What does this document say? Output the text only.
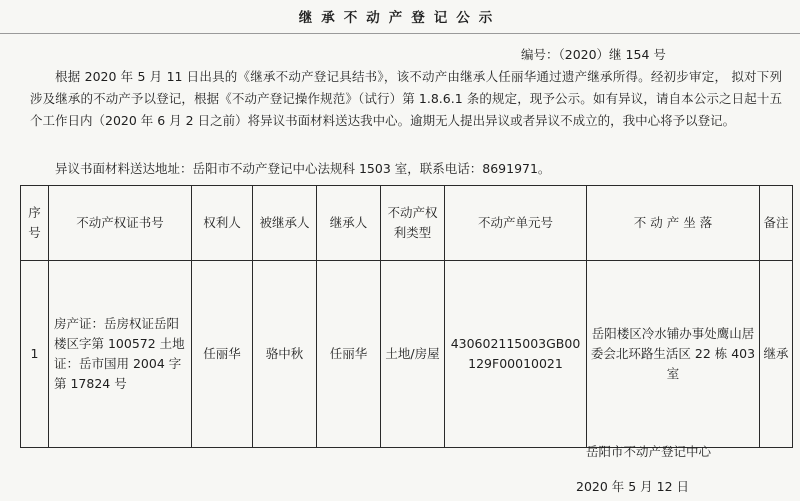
继承不动产登记公示
编号：（2020）继 154 号
根据 2020 年 5 月 11 日出具的《继承不动产登记具结书》，该不动产由继承人任丽华通过遗产继承所得。经初步审定， 拟对下列涉及继承的不动产予以登记，根据《不动产登记操作规范》（试行）第 1.8.6.1 条的规定，现予公示。如有异议，请自本公示之日起十五个工作日内（2020 年 6 月 2 日之前）将异议书面材料送达我中心。逾期无人提出异议或者异议不成立的，我中心将予以登记。
异议书面材料送达地址：岳阳市不动产登记中心法规科 1503 室，联系电话：8691971。
序号	不动产权证书号	权利人	被继承人	继承人	不动产权利类型	不动产单元号	不 动 产 坐 落	备注
1	房产证：岳房权证岳阳楼区字第 100572 土地证：岳市国用 2004 字第 17824 号	任丽华	骆中秋	任丽华	土地/房屋	430602115003GB00129F00010021	岳阳楼区冷水铺办事处鹰山居委会北环路生活区 22 栋 403 室	继承
岳阳市不动产登记中心
2020 年 5 月 12 日
